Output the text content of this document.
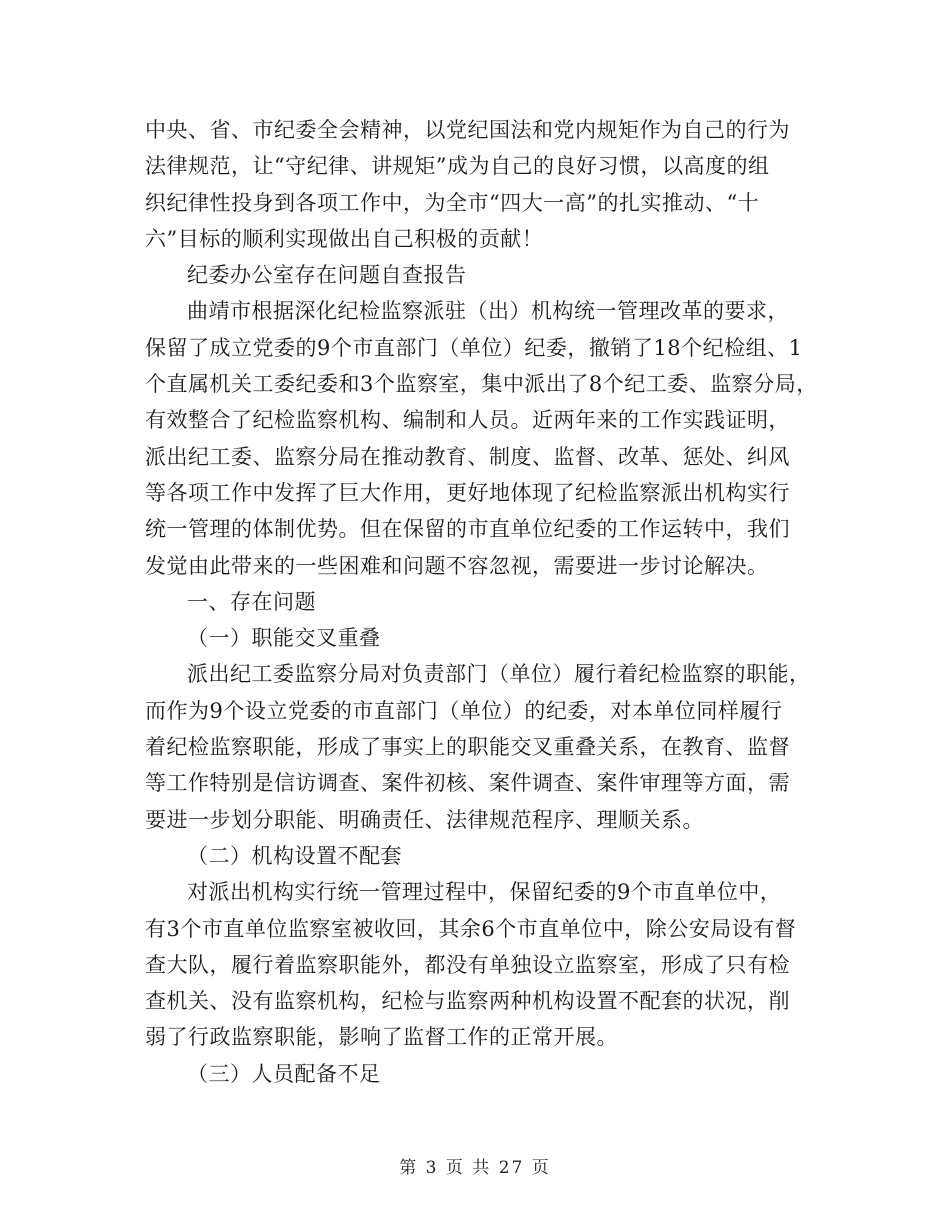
中央、省、市纪委全会精神，以党纪国法和党内规矩作为自己的行为
法律规范，让“守纪律、讲规矩”成为自己的良好习惯，以高度的组
织纪律性投身到各项工作中，为全市“四大一高”的扎实推动、“十
六”目标的顺利实现做出自己积极的贡献！
纪委办公室存在问题自查报告
曲靖市根据深化纪检监察派驻（出）机构统一管理改革的要求，
保留了成立党委的9个市直部门（单位）纪委，撤销了18个纪检组、1
个直属机关工委纪委和3个监察室，集中派出了8个纪工委、监察分局，
有效整合了纪检监察机构、编制和人员。近两年来的工作实践证明，
派出纪工委、监察分局在推动教育、制度、监督、改革、惩处、纠风
等各项工作中发挥了巨大作用，更好地体现了纪检监察派出机构实行
统一管理的体制优势。但在保留的市直单位纪委的工作运转中，我们
发觉由此带来的一些困难和问题不容忽视，需要进一步讨论解决。
一、存在问题
（一）职能交叉重叠
派出纪工委监察分局对负责部门（单位）履行着纪检监察的职能，
而作为9个设立党委的市直部门（单位）的纪委，对本单位同样履行
着纪检监察职能，形成了事实上的职能交叉重叠关系，在教育、监督
等工作特别是信访调查、案件初核、案件调查、案件审理等方面，需
要进一步划分职能、明确责任、法律规范程序、理顺关系。
（二）机构设置不配套
对派出机构实行统一管理过程中，保留纪委的9个市直单位中，
有3个市直单位监察室被收回，其余6个市直单位中，除公安局设有督
查大队，履行着监察职能外，都没有单独设立监察室，形成了只有检
查机关、没有监察机构，纪检与监察两种机构设置不配套的状况，削
弱了行政监察职能，影响了监督工作的正常开展。
（三）人员配备不足
第 3 页 共 27 页
